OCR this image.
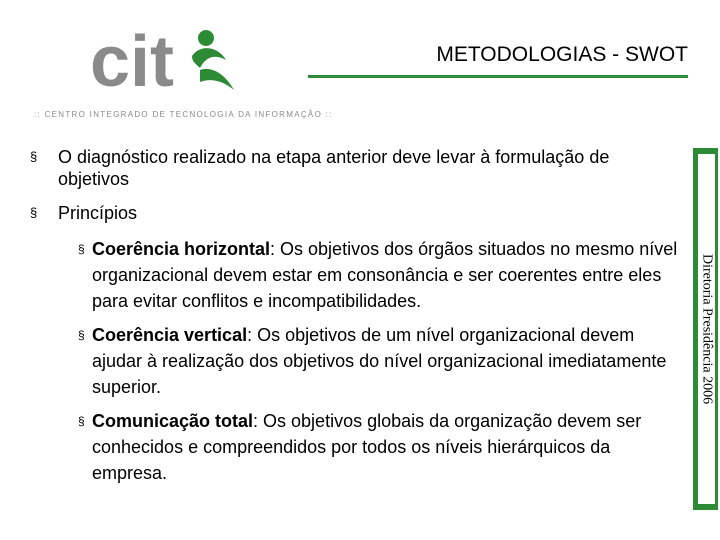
cit	METODOLOGIAS - SWOT
:: CENTRO INTEGRADO DE TECNOLOGIA DA INFORMAÇÃO ::
Diretoria Presidência 2006
§ O diagnóstico realizado na etapa anterior deve levar à formulação de objetivos
§ Princípios
§ Coerência horizontal: Os objetivos dos órgãos situados no mesmo nível organizacional devem estar em consonância e ser coerentes entre eles para evitar conflitos e incompatibilidades.
§ Coerência vertical: Os objetivos de um nível organizacional devem ajudar à realização dos objetivos do nível organizacional imediatamente superior.
§ Comunicação total: Os objetivos globais da organização devem ser conhecidos e compreendidos por todos os níveis hierárquicos da empresa.
